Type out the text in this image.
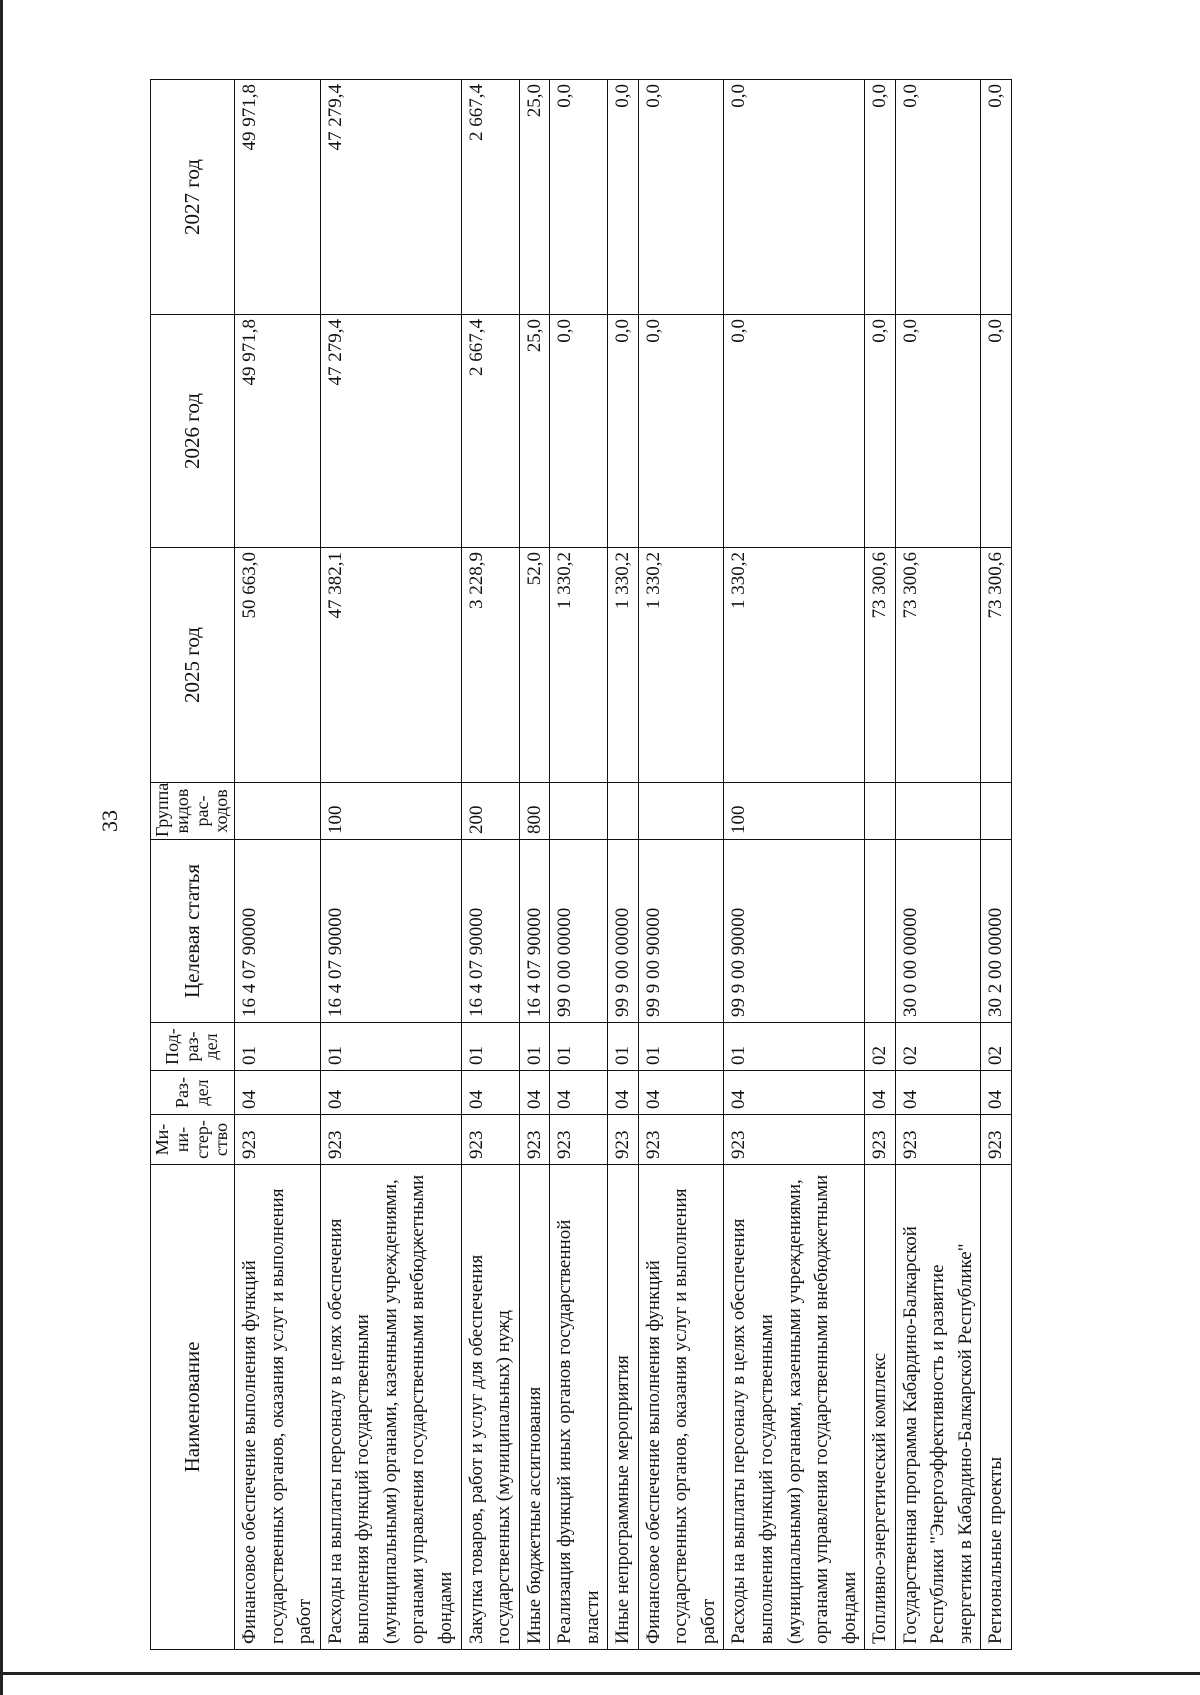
33
Наименование	Ми-
ни-
стер-
ство	Раз-
дел	Под-
раз-
дел	Целевая статья	Группа
видов
рас-
ходов	2025 год	2026 год	2027 год
Финансовое обеспечение выполнения функций государственных органов, оказания услуг и выполнения работ	923	04	01	16 4 07 90000		50 663,0	49 971,8	49 971,8
Расходы на выплаты персоналу в целях обеспечения выполнения функций государственными (муниципальными) органами, казенными учреждениями, органами управления государственными внебюджетными фондами	923	04	01	16 4 07 90000	100	47 382,1	47 279,4	47 279,4
Закупка товаров, работ и услуг для обеспечения государственных (муниципальных) нужд	923	04	01	16 4 07 90000	200	3 228,9	2 667,4	2 667,4
Иные бюджетные ассигнования	923	04	01	16 4 07 90000	800	52,0	25,0	25,0
Реализация функций иных органов государственной власти	923	04	01	99 0 00 00000		1 330,2	0,0	0,0
Иные непрограммные мероприятия	923	04	01	99 9 00 00000		1 330,2	0,0	0,0
Финансовое обеспечение выполнения функций государственных органов, оказания услуг и выполнения работ	923	04	01	99 9 00 90000		1 330,2	0,0	0,0
Расходы на выплаты персоналу в целях обеспечения выполнения функций государственными (муниципальными) органами, казенными учреждениями, органами управления государственными внебюджетными фондами	923	04	01	99 9 00 90000	100	1 330,2	0,0	0,0
Топливно-энергетический комплекс	923	04	02			73 300,6	0,0	0,0
Государственная программа Кабардино-Балкарской Республики "Энергоэффективность и развитие энергетики в Кабардино-Балкарской Республике"	923	04	02	30 0 00 00000		73 300,6	0,0	0,0
Региональные проекты	923	04	02	30 2 00 00000		73 300,6	0,0	0,0
